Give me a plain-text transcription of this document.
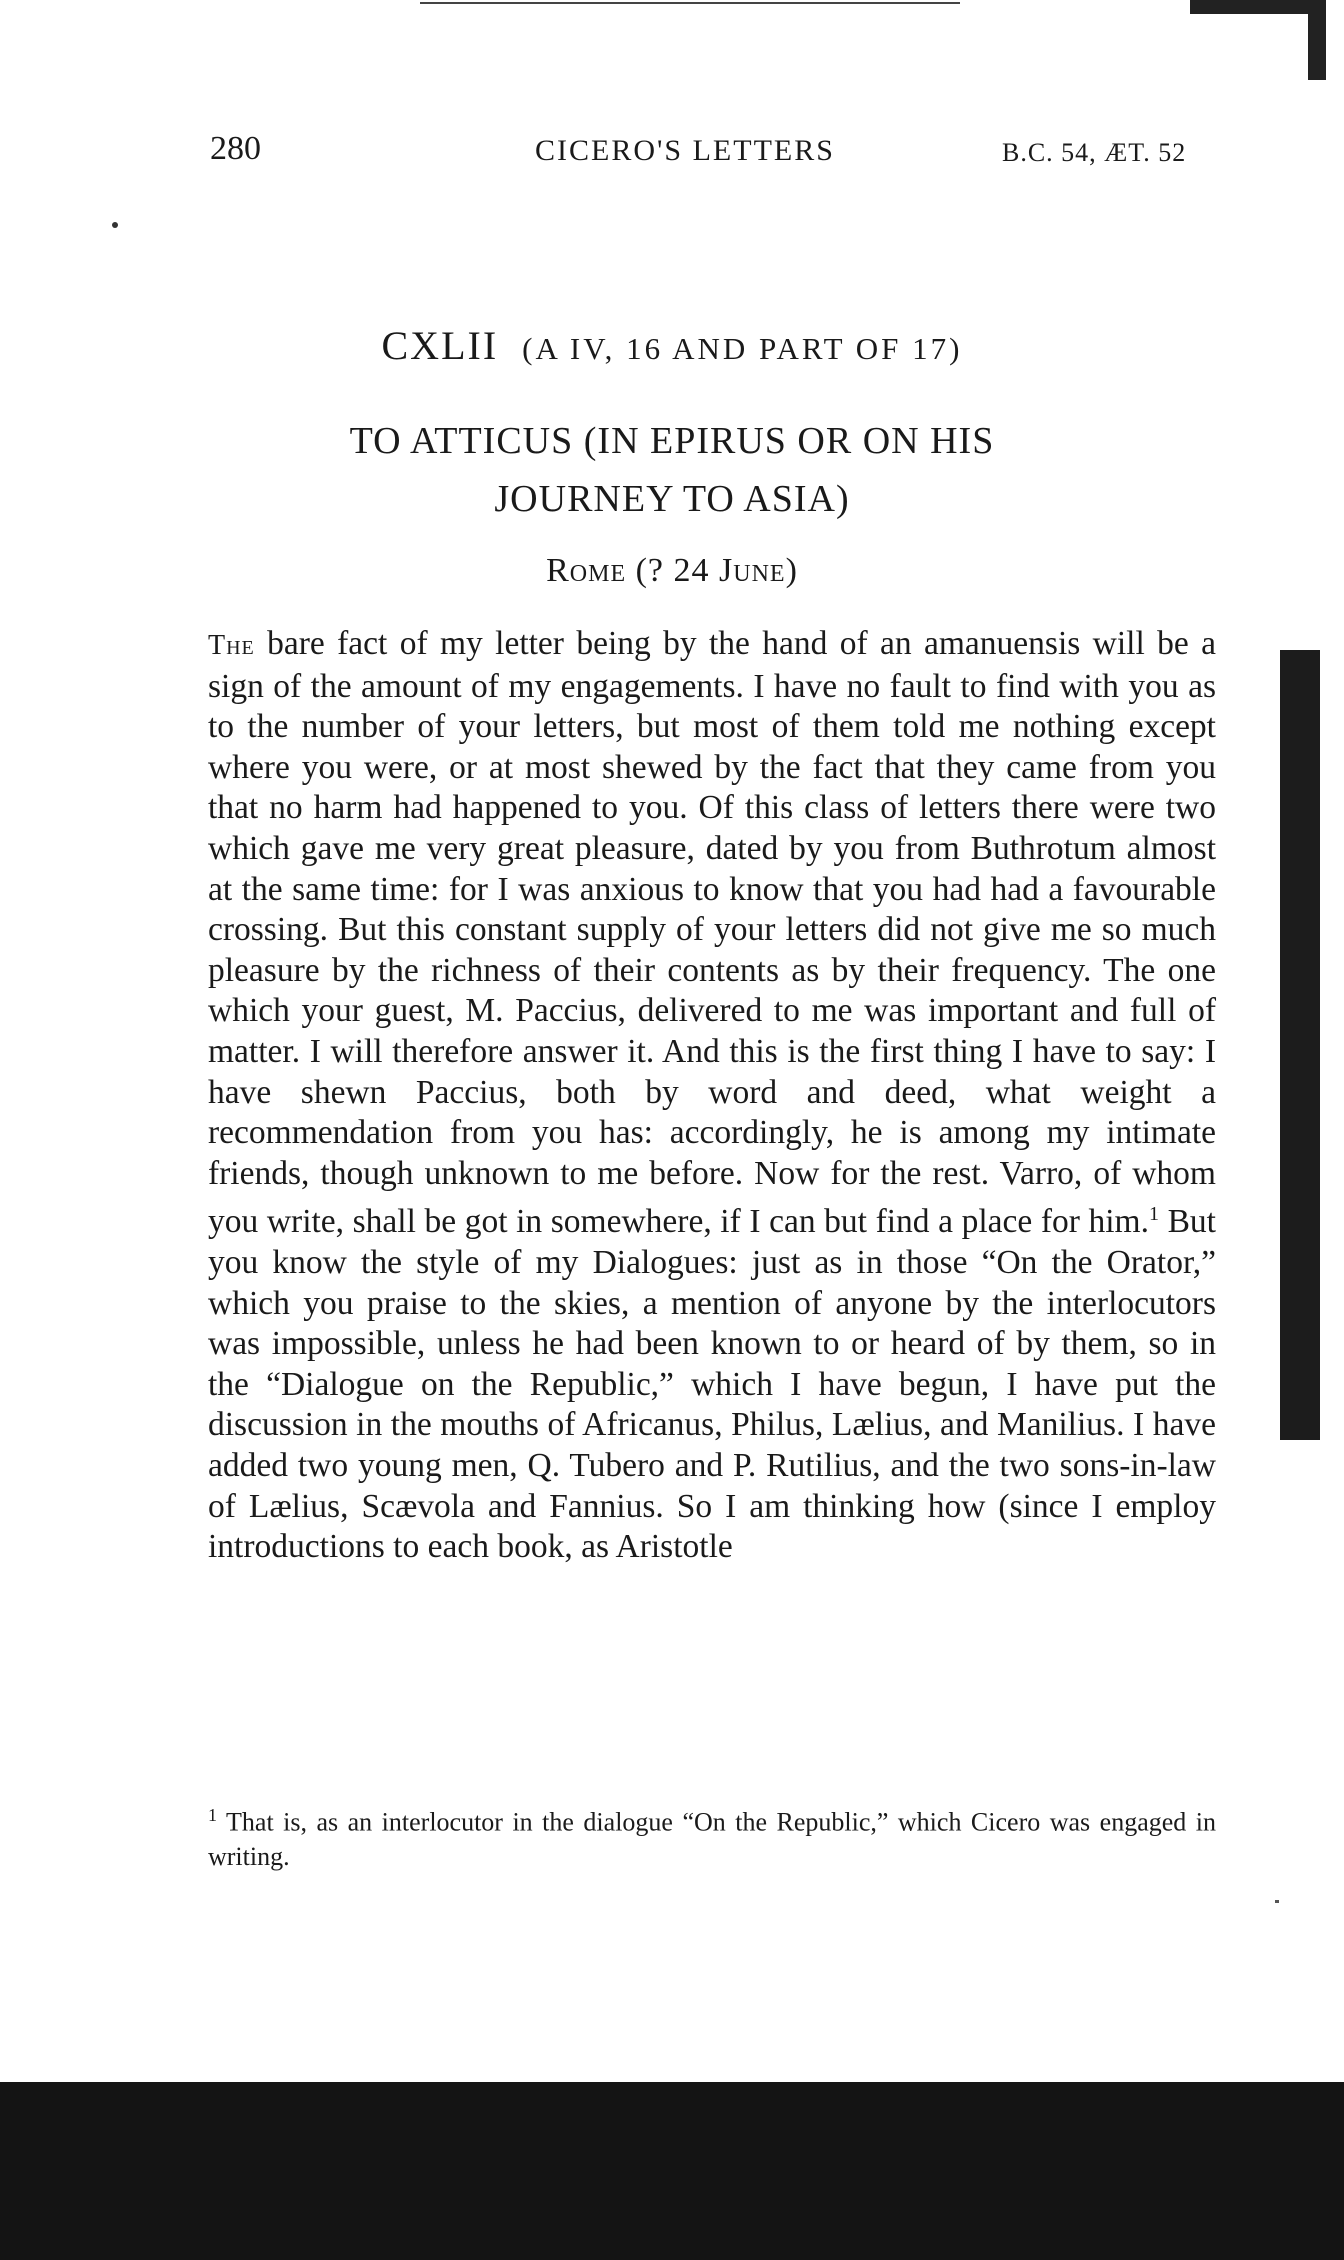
280	CICERO'S LETTERS	B.C. 54, ÆT. 52
CXLII (A IV, 16 AND PART OF 17)
TO ATTICUS (IN EPIRUS OR ON HIS
JOURNEY TO ASIA)
Rome (? 24 June)
The bare fact of my letter being by the hand of an amanuensis will be a sign of the amount of my engagements. I have no fault to find with you as to the number of your letters, but most of them told me nothing except where you were, or at most shewed by the fact that they came from you that no harm had happened to you. Of this class of letters there were two which gave me very great pleasure, dated by you from Buthrotum almost at the same time: for I was anxious to know that you had had a favourable crossing. But this constant supply of your letters did not give me so much pleasure by the richness of their contents as by their frequency. The one which your guest, M. Paccius, delivered to me was important and full of matter. I will therefore answer it. And this is the first thing I have to say: I have shewn Paccius, both by word and deed, what weight a recommendation from you has: accordingly, he is among my intimate friends, though unknown to me before. Now for the rest. Varro, of whom you write, shall be got in somewhere, if I can but find a place for him.$^1$ But you know the style of my Dialogues: just as in those “On the Orator,” which you praise to the skies, a mention of anyone by the interlocutors was impossible, unless he had been known to or heard of by them, so in the “Dialogue on the Republic,” which I have begun, I have put the discussion in the mouths of Africanus, Philus, Lælius, and Manilius. I have added two young men, Q. Tubero and P. Rutilius, and the two sons-in-law of Lælius, Scævola and Fannius. So I am thinking how (since I employ introductions to each book, as Aristotle
$^1$ That is, as an interlocutor in the dialogue “On the Republic,” which Cicero was engaged in writing.
